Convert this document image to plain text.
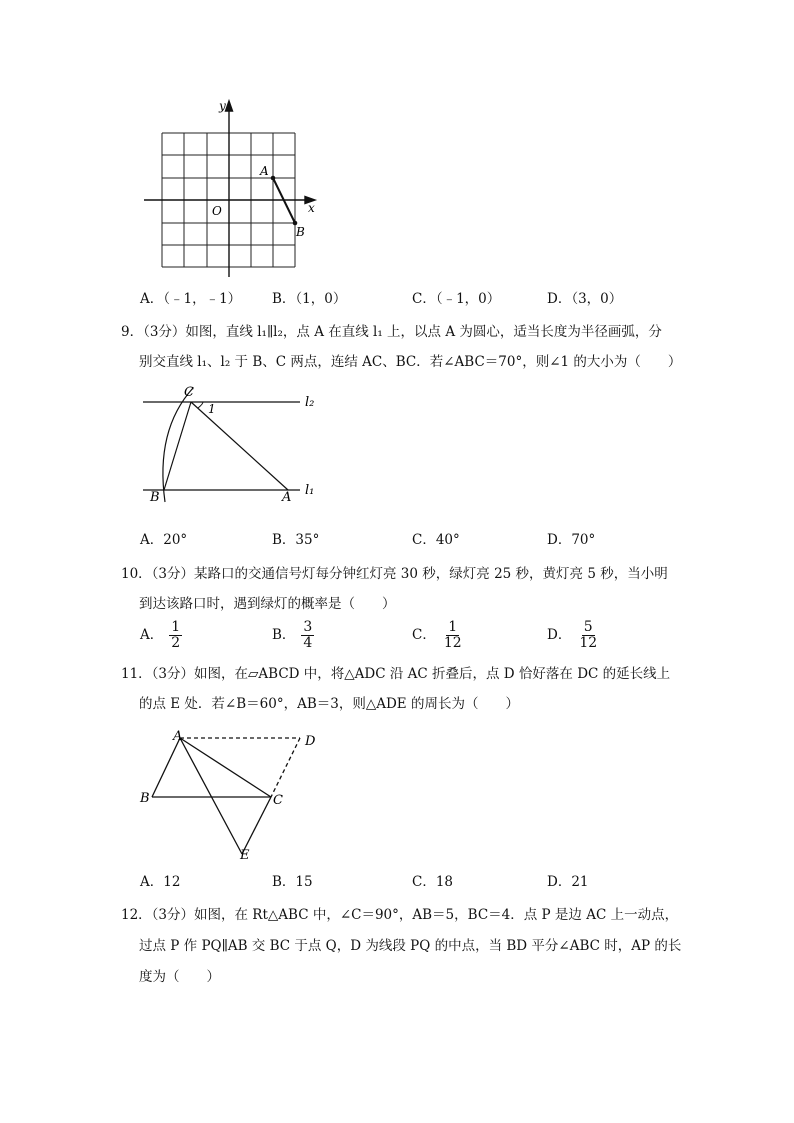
y
x
O
A
B
A．（﹣1，﹣1） B．（1，0）	C．（﹣1，0）	D．（3，0）
9．（3分）如图，直线 l₁∥l₂，点 A 在直线 l₁ 上，以点 A 为圆心，适当长度为半径画弧，分
别交直线 l₁、l₂ 于 B、C 两点，连结 AC、BC．若∠ABC＝70°，则∠1 的大小为（　　）
C
1	l₂
B	A l₁
A．20°	B．35°	C．40°	D．70°
10．（3分）某路口的交通信号灯每分钟红灯亮 30 秒，绿灯亮 25 秒，黄灯亮 5 秒，当小明
到达该路口时，遇到绿灯的概率是（　　）
A． $\frac{1}{2}$	B． $\frac{3}{4}$	C． $\frac{1}{12}$	D． $\frac{5}{12}$
11．（3分）如图，在▱ABCD 中，将△ADC 沿 AC 折叠后，点 D 恰好落在 DC 的延长线上
的点 E 处．若∠B＝60°，AB＝3，则△ADE 的周长为（　　）
A	D
B	C
E
A．12	B．15	C．18	D．21
12．（3分）如图，在 Rt△ABC 中，∠C＝90°，AB＝5，BC＝4．点 P 是边 AC 上一动点，
过点 P 作 PQ∥AB 交 BC 于点 Q，D 为线段 PQ 的中点，当 BD 平分∠ABC 时，AP 的长
度为（　　）
